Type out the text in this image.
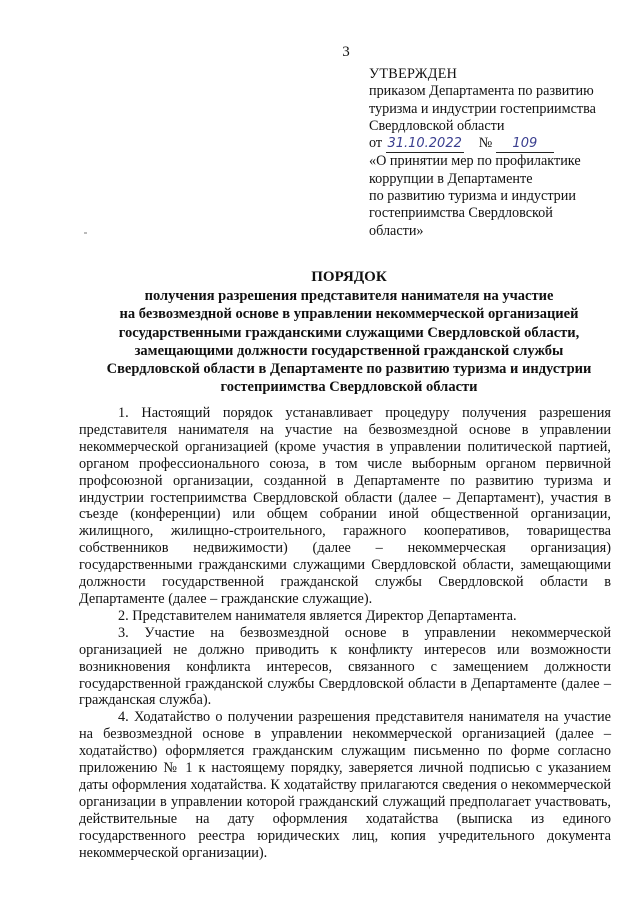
3
УТВЕРЖДЕН
приказом Департамента по развитию
туризма и индустрии гостеприимства
Свердловской области
от 31.10.2022 № 109
«О принятии мер по профилактике
коррупции в Департаменте
по развитию туризма и индустрии
гостеприимства Свердловской
области»
ПОРЯДОК
получения разрешения представителя нанимателя на участие
на безвозмездной основе в управлении некоммерческой организацией
государственными гражданскими служащими Свердловской области,
замещающими должности государственной гражданской службы
Свердловской области в Департаменте по развитию туризма и индустрии
гостеприимства Свердловской области

1. Настоящий порядок устанавливает процедуру получения разрешения представителя нанимателя на участие на безвозмездной основе в управлении некоммерческой организацией (кроме участия в управлении политической партией, органом профессионального союза, в том числе выборным органом первичной профсоюзной организации, созданной в Департаменте по развитию туризма и индустрии гостеприимства Свердловской области (далее – Департамент), участия в съезде (конференции) или общем собрании иной общественной организации, жилищного, жилищно-строительного, гаражного кооперативов, товарищества собственников недвижимости) (далее – некоммерческая организация) государственными гражданскими служащими Свердловской области, замещающими должности государственной гражданской службы Свердловской области в Департаменте (далее – гражданские служащие).

2. Представителем нанимателя является Директор Департамента.

3. Участие на безвозмездной основе в управлении некоммерческой организацией не должно приводить к конфликту интересов или возможности возникновения конфликта интересов, связанного с замещением должности государственной гражданской службы Свердловской области в Департаменте (далее – гражданская служба).

4. Ходатайство о получении разрешения представителя нанимателя на участие на безвозмездной основе в управлении некоммерческой организацией (далее – ходатайство) оформляется гражданским служащим письменно по форме согласно приложению № 1 к настоящему порядку, заверяется личной подписью с указанием даты оформления ходатайства. К ходатайству прилагаются сведения о некоммерческой организации в управлении которой гражданский служащий предполагает участвовать, действительные на дату оформления ходатайства (выписка из единого государственного реестра юридических лиц, копия учредительного документа некоммерческой организации).
